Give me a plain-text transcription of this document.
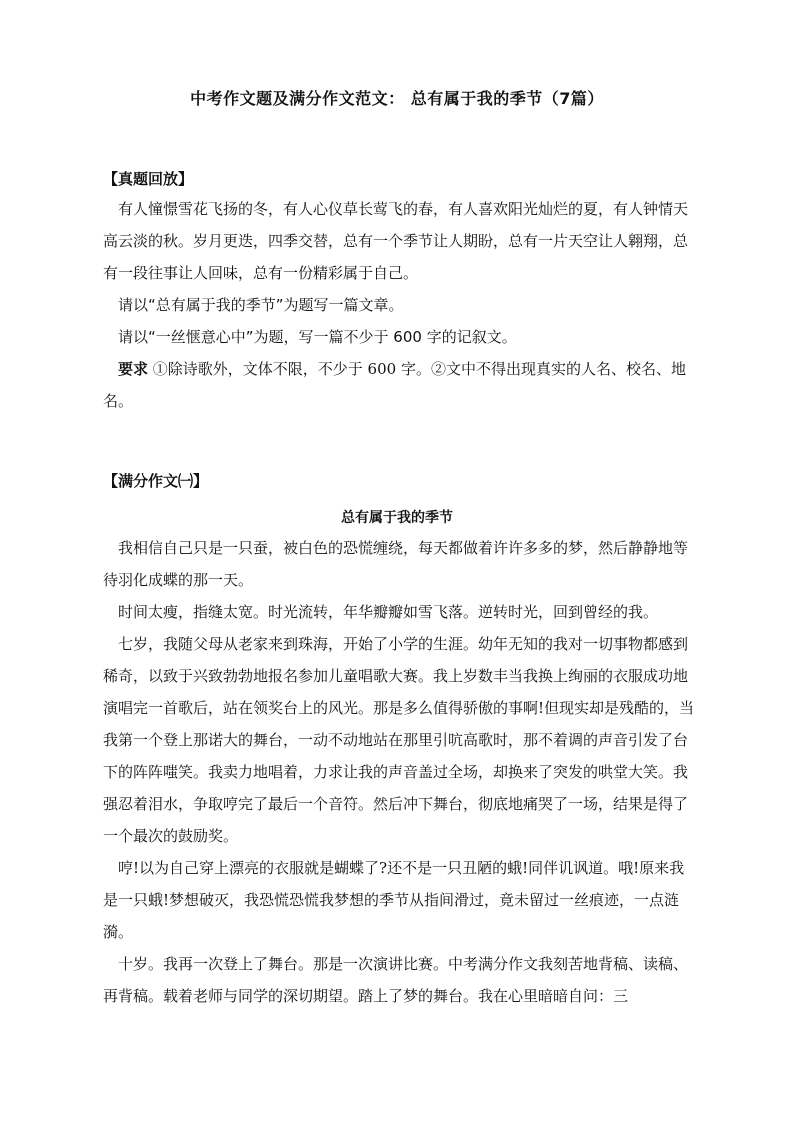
中考作文题及满分作文范文： 总有属于我的季节（7篇）
【真题回放】

有人憧憬雪花飞扬的冬，有人心仪草长莺飞的春，有人喜欢阳光灿烂的夏，有人钟情天高云淡的秋。岁月更迭，四季交替，总有一个季节让人期盼，总有一片天空让人翱翔，总有一段往事让人回味，总有一份精彩属于自己。

请以“总有属于我的季节”为题写一篇文章。

请以“一丝惬意心中”为题，写一篇不少于 600 字的记叙文。

要求 ①除诗歌外，文体不限，不少于 600 字。②文中不得出现真实的人名、校名、地名。

【满分作文㈠】
总有属于我的季节

我相信自己只是一只蚕，被白色的恐慌缠绕，每天都做着许许多多的梦，然后静静地等待羽化成蝶的那一天。

时间太瘦，指缝太宽。时光流转，年华瓣瓣如雪飞落。逆转时光，回到曾经的我。

七岁，我随父母从老家来到珠海，开始了小学的生涯。幼年无知的我对一切事物都感到稀奇，以致于兴致勃勃地报名参加儿童唱歌大赛。我上岁数丰当我换上绚丽的衣服成功地演唱完一首歌后，站在领奖台上的风光。那是多么值得骄傲的事啊!但现实却是残酷的，当我第一个登上那诺大的舞台，一动不动地站在那里引吭高歌时，那不着调的声音引发了台下的阵阵嗤笑。我卖力地唱着，力求让我的声音盖过全场，却换来了突发的哄堂大笑。我强忍着泪水，争取哼完了最后一个音符。然后冲下舞台，彻底地痛哭了一场，结果是得了一个最次的鼓励奖。

哼!以为自己穿上漂亮的衣服就是蝴蝶了?还不是一只丑陋的蛾!同伴讥讽道。哦!原来我是一只蛾!梦想破灭，我恐慌恐慌我梦想的季节从指间滑过，竟未留过一丝痕迹，一点涟漪。

十岁。我再一次登上了舞台。那是一次演讲比赛。中考满分作文我刻苦地背稿、读稿、再背稿。载着老师与同学的深切期望。踏上了梦的舞台。我在心里暗暗自问：三
